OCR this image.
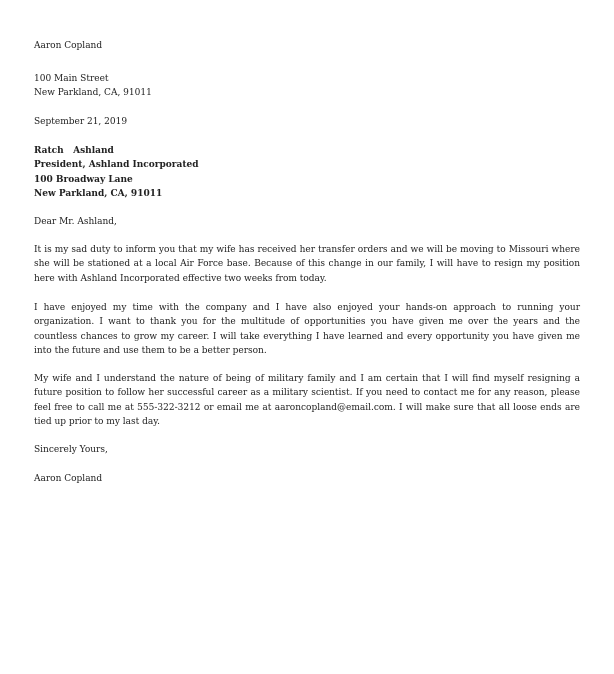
Aaron Copland
100 Main Street
New Parkland, CA, 91011
September 21, 2019
Ratch   Ashland
President, Ashland Incorporated
100 Broadway Lane
New Parkland, CA, 91011
Dear Mr. Ashland,

It is my sad duty to inform you that my wife has received her transfer orders and we will be moving to Missouri where she will be stationed at a local Air Force base. Because of this change in our family, I will have to resign my position here with Ashland Incorporated effective two weeks from today.

I have enjoyed my time with the company and I have also enjoyed your hands-on approach to running your organization. I want to thank you for the multitude of opportunities you have given me over the years and the countless chances to grow my career. I will take everything I have learned and every opportunity you have given me into the future and use them to be a better person.

My wife and I understand the nature of being of military family and I am certain that I will find myself resigning a future position to follow her successful career as a military scientist. If you need to contact me for any reason, please feel free to call me at 555-322-3212 or email me at aaroncopland@email.com. I will make sure that all loose ends are tied up prior to my last day.

Sincerely Yours,
Aaron Copland
